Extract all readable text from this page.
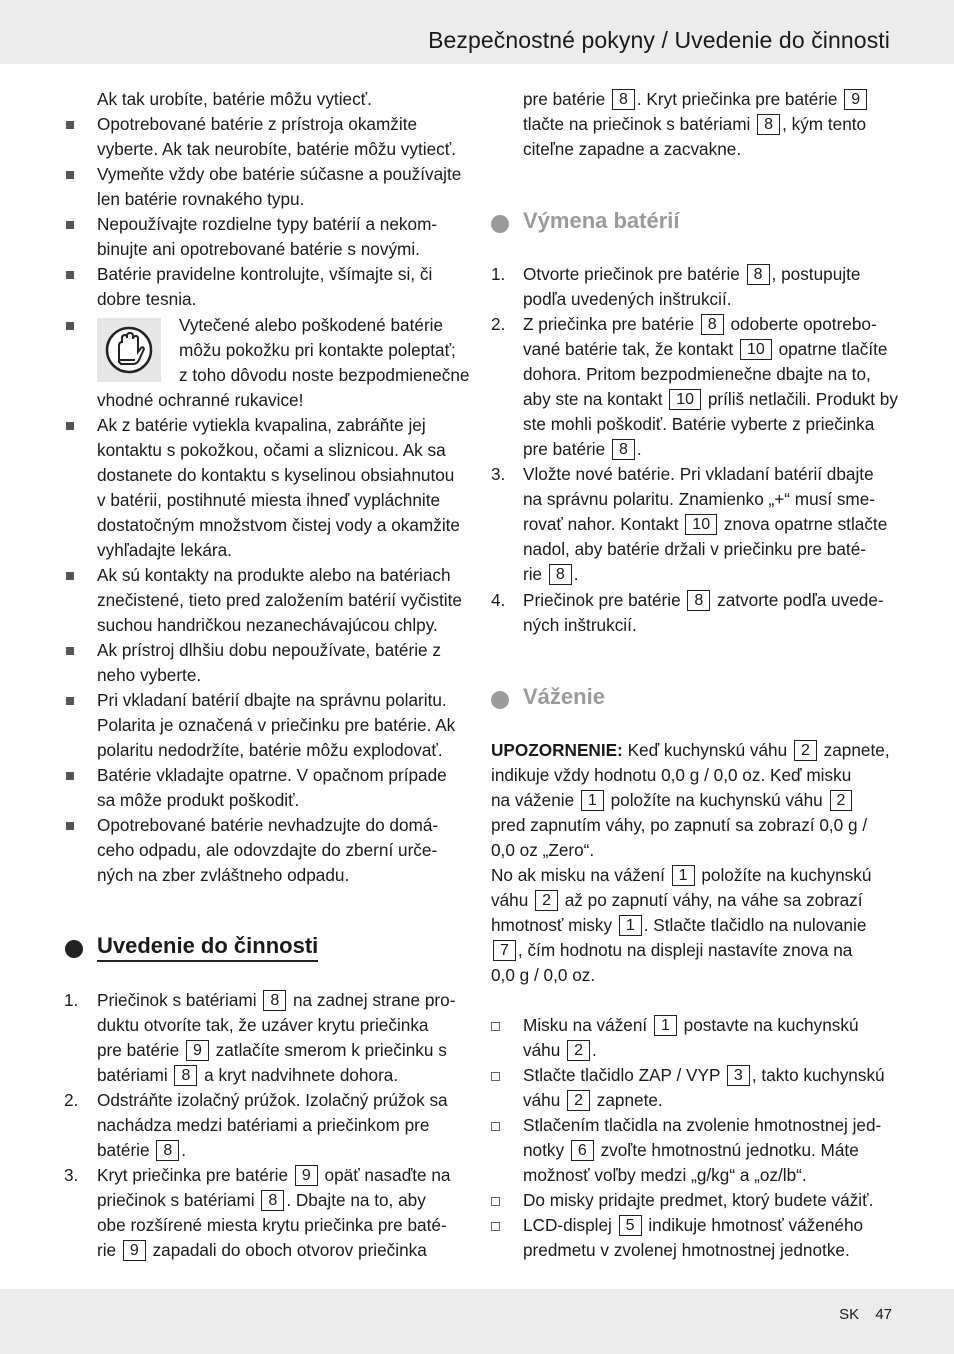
Bezpečnostné pokyny / Uvedenie do činnosti
Ak tak urobíte, batérie môžu vytiecť.
Opotrebované batérie z prístroja okamžite
vyberte. Ak tak neurobíte, batérie môžu vytiecť.
Vymeňte vždy obe batérie súčasne a používajte
len batérie rovnakého typu.
Nepoužívajte rozdielne typy batérií a nekom-
binujte ani opotrebované batérie s novými.
Batérie pravidelne kontrolujte, všímajte si, či
dobre tesnia.
Vytečené alebo poškodené batérie
môžu pokožku pri kontakte poleptať;
z toho dôvodu noste bezpodmienečne
vhodné ochranné rukavice!
Ak z batérie vytiekla kvapalina, zabráňte jej
kontaktu s pokožkou, očami a sliznicou. Ak sa
dostanete do kontaktu s kyselinou obsiahnutou
v batérii, postihnuté miesta ihneď vypláchnite
dostatočným množstvom čistej vody a okamžite
vyhľadajte lekára.
Ak sú kontakty na produkte alebo na batériach
znečistené, tieto pred založením batérií vyčistite
suchou handričkou nezanechávajúcou chlpy.
Ak prístroj dlhšiu dobu nepoužívate, batérie z
neho vyberte.
Pri vkladaní batérií dbajte na správnu polaritu.
Polarita je označená v priečinku pre batérie. Ak
polaritu nedodržíte, batérie môžu explodovať.
Batérie vkladajte opatrne. V opačnom prípade
sa môže produkt poškodiť.
Opotrebované batérie nevhadzujte do domá-
ceho odpadu, ale odovzdajte do zberní urče-
ných na zber zvláštneho odpadu.
Uvedenie do činnosti
1. Priečinok s batériami 8 na zadnej strane pro-
duktu otvoríte tak, že uzáver krytu priečinka
pre batérie 9 zatlačíte smerom k priečinku s
batériami 8 a kryt nadvihnete dohora.
2. Odstráňte izolačný prúžok. Izolačný prúžok sa
nachádza medzi batériami a priečinkom pre
batérie 8 .
3. Kryt priečinka pre batérie 9 opäť nasaďte na
priečinok s batériami 8 . Dbajte na to, aby
obe rozšírené miesta krytu priečinka pre baté-
rie 9 zapadali do oboch otvorov priečinka
pre batérie 8 . Kryt priečinka pre batérie 9
tlačte na priečinok s batériami 8 , kým tento
citeľne zapadne a zacvakne.
Výmena batérií
1. Otvorte priečinok pre batérie 8 , postupujte
podľa uvedených inštrukcií.
2. Z priečinka pre batérie 8 odoberte opotrebo-
vané batérie tak, že kontakt 10 opatrne tlačíte
dohora. Pritom bezpodmienečne dbajte na to,
aby ste na kontakt 10 príliš netlačili. Produkt by
ste mohli poškodiť. Batérie vyberte z priečinka
pre batérie 8 .
3. Vložte nové batérie. Pri vkladaní batérií dbajte
na správnu polaritu. Znamienko „+“ musí sme-
rovať nahor. Kontakt 10 znova opatrne stlačte
nadol, aby batérie držali v priečinku pre baté-
rie 8 .
4. Priečinok pre batérie 8 zatvorte podľa uvede-
ných inštrukcií.
Váženie
UPOZORNENIE: Keď kuchynskú váhu 2 zapnete,
indikuje vždy hodnotu 0,0 g / 0,0 oz. Keď misku
na váženie 1 položíte na kuchynskú váhu 2
pred zapnutím váhy, po zapnutí sa zobrazí 0,0 g /
0,0 oz „Zero“.
No ak misku na vážení 1 položíte na kuchynskú
váhu 2 až po zapnutí váhy, na váhe sa zobrazí
hmotnosť misky 1 . Stlačte tlačidlo na nulovanie
7 , čím hodnotu na displeji nastavíte znova na
0,0 g / 0,0 oz.
Misku na vážení 1 postavte na kuchynskú
váhu 2 .
Stlačte tlačidlo ZAP / VYP 3 , takto kuchynskú
váhu 2 zapnete.
Stlačením tlačidla na zvolenie hmotnostnej jed-
notky 6 zvoľte hmotnostnú jednotku. Máte
možnosť voľby medzi „g/kg“ a „oz/lb“.
Do misky pridajte predmet, ktorý budete vážiť.
LCD-displej 5 indikuje hmotnosť váženého
predmetu v zvolenej hmotnostnej jednotke.
SK 47
